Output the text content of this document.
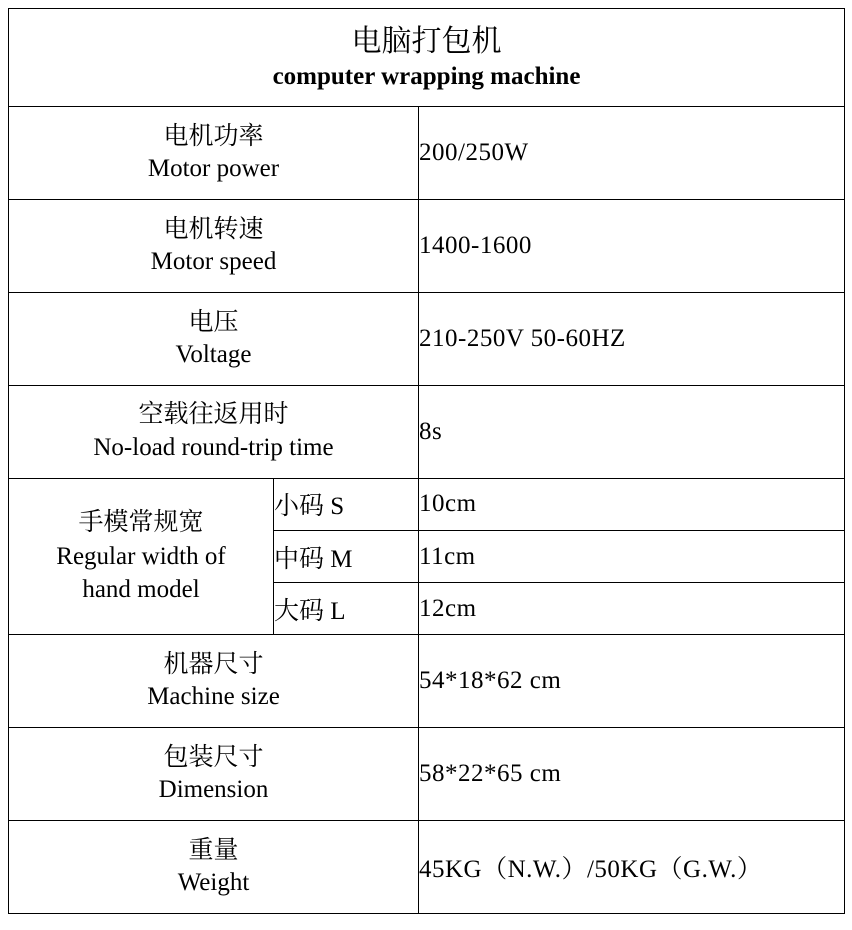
电脑打包机
computer wrapping machine		

电机功率
Motor power		200/250W

电机转速
Motor speed		1400-1600

电压
Voltage		210-250V 50-60HZ

空载往返用时
No-load round-trip time		8s

手模常规宽
Regular width of
hand model	小码 S	10cm
	中码 M	11cm
	大码 L	12cm

机器尺寸
Machine size		54*18*62 cm

包装尺寸
Dimension		58*22*65 cm

重量
Weight		45KG（N.W.）/50KG（G.W.）
